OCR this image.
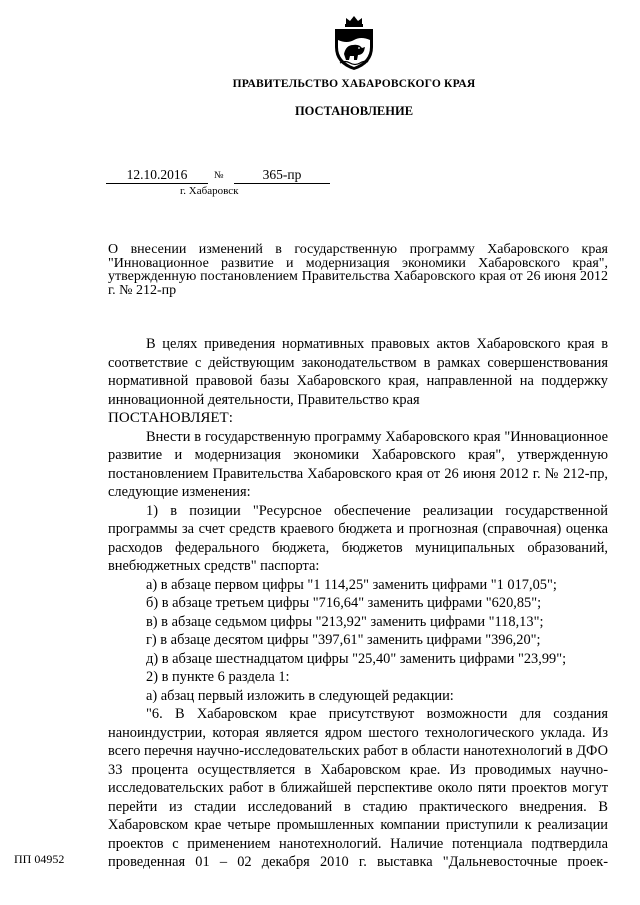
ПРАВИТЕЛЬСТВО ХАБАРОВСКОГО КРАЯ
ПОСТАНОВЛЕНИЕ
12.10.2016	№	365-пр
г. Хабаровск
О внесении изменений в государственную программу Хабаровского края "Инновационное развитие и модернизация экономики Хабаровского края", утвержденную постановлением Правительства Хабаровского края от 26 июня 2012 г. № 212-пр

В целях приведения нормативных правовых актов Хабаровского края в соответствие с действующим законодательством в рамках совершенствования нормативной правовой базы Хабаровского края, направленной на поддержку инновационной деятельности, Правительство края

ПОСТАНОВЛЯЕТ:

Внести в государственную программу Хабаровского края "Инновационное развитие и модернизация экономики Хабаровского края", утвержденную постановлением Правительства Хабаровского края от 26 июня 2012 г. № 212-пр, следующие изменения:

1) в позиции "Ресурсное обеспечение реализации государственной программы за счет средств краевого бюджета и прогнозная (справочная) оценка расходов федерального бюджета, бюджетов муниципальных образований, внебюджетных средств" паспорта:

а) в абзаце первом цифры "1 114,25" заменить цифрами "1 017,05";

б) в абзаце третьем цифры "716,64" заменить цифрами "620,85";

в) в абзаце седьмом цифры "213,92" заменить цифрами "118,13";

г) в абзаце десятом цифры "397,61" заменить цифрами "396,20";

д) в абзаце шестнадцатом цифры "25,40" заменить цифрами "23,99";

2) в пункте 6 раздела 1:

а) абзац первый изложить в следующей редакции:

"6. В Хабаровском крае присутствуют возможности для создания наноиндустрии, которая является ядром шестого технологического уклада. Из всего перечня научно-исследовательских работ в области нанотехнологий в ДФО 33 процента осуществляется в Хабаровском крае. Из проводимых научно-исследовательских работ в ближайшей перспективе около пяти проектов могут перейти из стадии исследований в стадию практического внедрения. В Хабаровском крае четыре промышленных компании приступили к реализации проектов с применением нанотехнологий. Наличие потенциала подтвердила проведенная 01 – 02 декабря 2010 г. выставка "Дальневосточные проек-

ПП 04952
